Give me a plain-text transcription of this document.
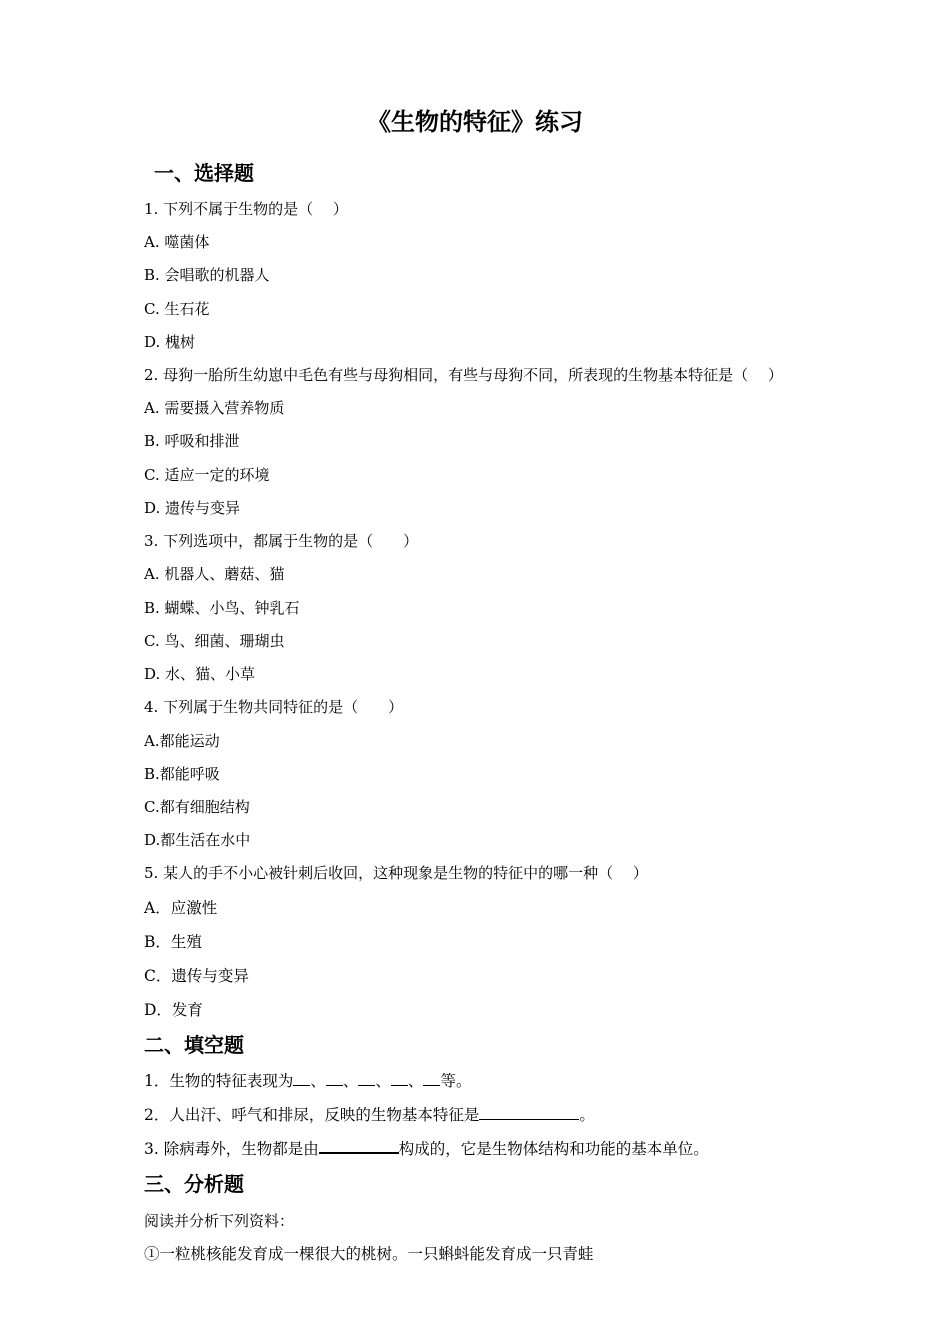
《生物的特征》练习
一、选择题
1. 下列不属于生物的是（　 ）
A. 噬菌体
B. 会唱歌的机器人
C. 生石花
D. 槐树
2. 母狗一胎所生幼崽中毛色有些与母狗相同，有些与母狗不同，所表现的生物基本特征是（　 ）
A. 需要摄入营养物质
B. 呼吸和排泄
C. 适应一定的环境
D. 遗传与变异
3. 下列选项中，都属于生物的是（　　）
A. 机器人、蘑菇、猫
B. 蝴蝶、小鸟、钟乳石
C. 鸟、细菌、珊瑚虫
D. 水、猫、小草
4. 下列属于生物共同特征的是（　　）
A.都能运动
B.都能呼吸
C.都有细胞结构
D.都生活在水中
5. 某人的手不小心被针刺后收回，这种现象是生物的特征中的哪一种（　 ）
A．应激性
B．生殖
C．遗传与变异
D．发育
二、填空题
1．生物的特征表现为 、 、 、 、 等。
2．人出汗、呼气和排尿，反映的生物基本特征是	。
3. 除病毒外，生物都是由	构成的，它是生物体结构和功能的基本单位。
三、分析题
阅读并分析下列资料：
①一粒桃核能发育成一棵很大的桃树。一只蝌蚪能发育成一只青蛙
